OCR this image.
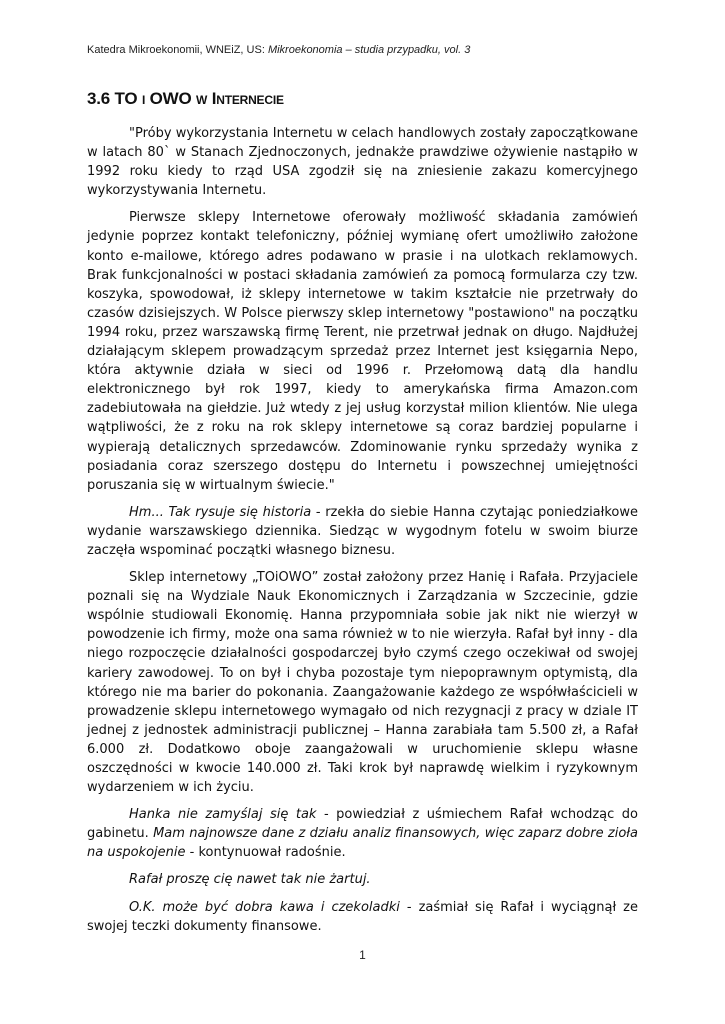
Katedra Mikroekonomii, WNEiZ, US: Mikroekonomia – studia przypadku, vol. 3
3.6 TO i OWO w Internecie

"Próby wykorzystania Internetu w celach handlowych zostały zapoczątkowane w latach 80` w Stanach Zjednoczonych, jednakże prawdziwe ożywienie nastąpiło w 1992 roku kiedy to rząd USA zgodził się na zniesienie zakazu komercyjnego wykorzystywania Internetu.

Pierwsze sklepy Internetowe oferowały możliwość składania zamówień jedynie poprzez kontakt telefoniczny, później wymianę ofert umożliwiło założone konto e-mailowe, którego adres podawano w prasie i na ulotkach reklamowych. Brak funkcjonalności w postaci składania zamówień za pomocą formularza czy tzw. koszyka, spowodował, iż sklepy internetowe w takim kształcie nie przetrwały do czasów dzisiejszych. W Polsce pierwszy sklep internetowy "postawiono" na początku 1994 roku, przez warszawską firmę Terent, nie przetrwał jednak on długo. Najdłużej działającym sklepem prowadzącym sprzedaż przez Internet jest księgarnia Nepo, która aktywnie działa w sieci od 1996 r. Przełomową datą dla handlu elektronicznego był rok 1997, kiedy to amerykańska firma Amazon.com zadebiutowała na giełdzie. Już wtedy z jej usług korzystał milion klientów. Nie ulega wątpliwości, że z roku na rok sklepy internetowe są coraz bardziej popularne i wypierają detalicznych sprzedawców. Zdominowanie rynku sprzedaży wynika z posiadania coraz szerszego dostępu do Internetu i powszechnej umiejętności poruszania się w wirtualnym świecie."

Hm... Tak rysuje się historia - rzekła do siebie Hanna czytając poniedziałkowe wydanie warszawskiego dziennika. Siedząc w wygodnym fotelu w swoim biurze zaczęła wspominać początki własnego biznesu.

Sklep internetowy „TOiOWO” został założony przez Hanię i Rafała. Przyjaciele poznali się na Wydziale Nauk Ekonomicznych i Zarządzania w Szczecinie, gdzie wspólnie studiowali Ekonomię. Hanna przypomniała sobie jak nikt nie wierzył w powodzenie ich firmy, może ona sama również w to nie wierzyła. Rafał był inny - dla niego rozpoczęcie działalności gospodarczej było czymś czego oczekiwał od swojej kariery zawodowej. To on był i chyba pozostaje tym niepoprawnym optymistą, dla którego nie ma barier do pokonania. Zaangażowanie każdego ze współwłaścicieli w prowadzenie sklepu internetowego wymagało od nich rezygnacji z pracy w dziale IT jednej z jednostek administracji publicznej – Hanna zarabiała tam 5.500 zł, a Rafał 6.000 zł. Dodatkowo oboje zaangażowali w uruchomienie sklepu własne oszczędności w kwocie 140.000 zł. Taki krok był naprawdę wielkim i ryzykownym wydarzeniem w ich życiu.

Hanka nie zamyślaj się tak - powiedział z uśmiechem Rafał wchodząc do gabinetu. Mam najnowsze dane z działu analiz finansowych, więc zaparz dobre zioła na uspokojenie - kontynuował radośnie.

Rafał proszę cię nawet tak nie żartuj.

O.K. może być dobra kawa i czekoladki - zaśmiał się Rafał i wyciągnął ze swojej teczki dokumenty finansowe.

1
